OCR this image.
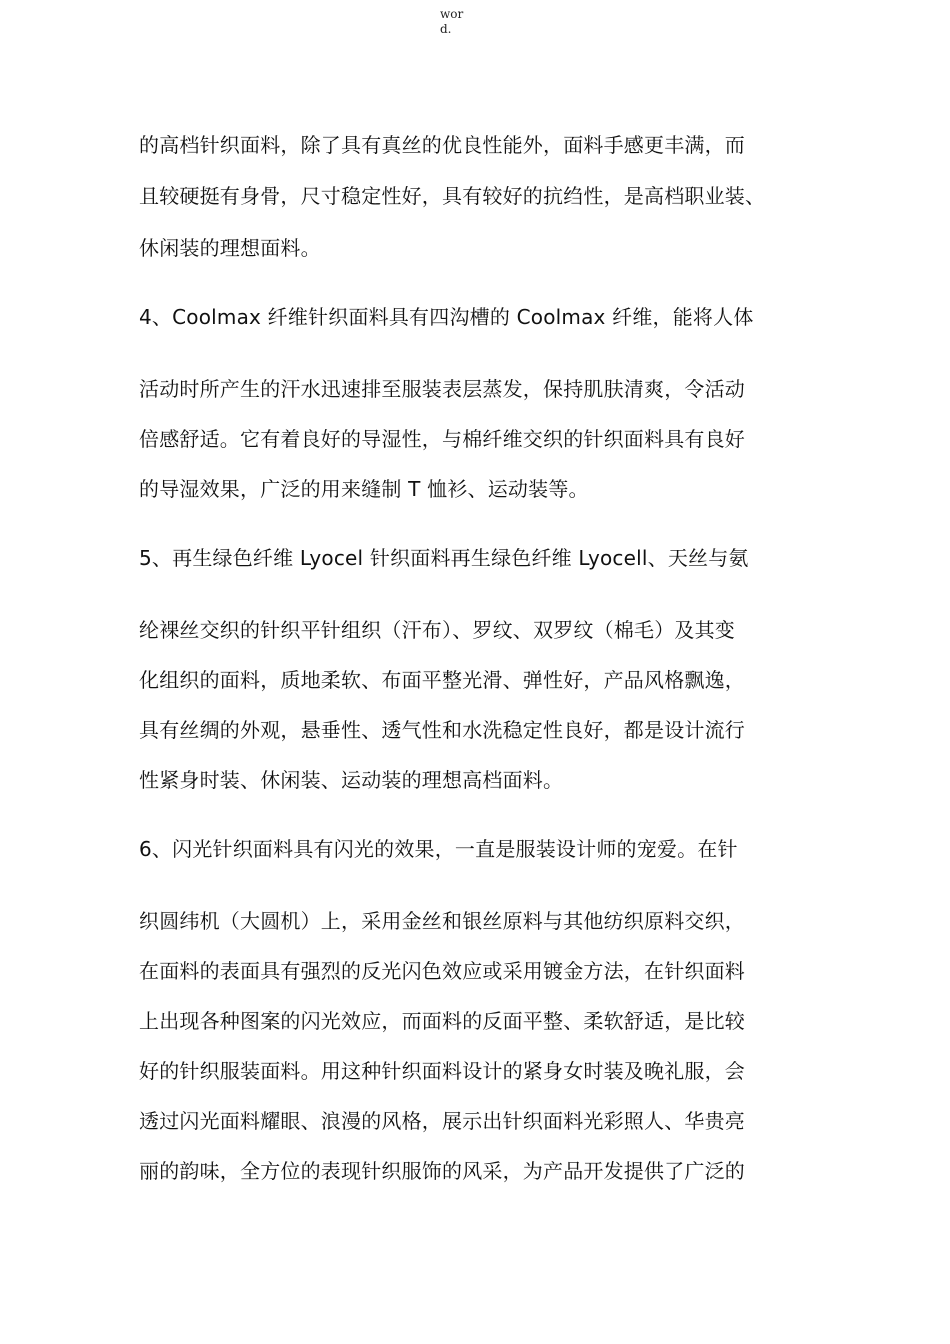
wor
d.
的高档针织面料，除了具有真丝的优良性能外，面料手感更丰满，而
且较硬挺有身骨，尺寸稳定性好，具有较好的抗绉性，是高档职业装、
休闲装的理想面料。
4、Coolmax 纤维针织面料具有四沟槽的 Coolmax 纤维，能将人体
活动时所产生的汗水迅速排至服装表层蒸发，保持肌肤清爽，令活动
倍感舒适。它有着良好的导湿性，与棉纤维交织的针织面料具有良好
的导湿效果，广泛的用来缝制 T 恤衫、运动装等。
5、再生绿色纤维 Lyocel 针织面料再生绿色纤维 Lyocell、天丝与氨
纶裸丝交织的针织平针组织（汗布）、罗纹、双罗纹（棉毛）及其变
化组织的面料，质地柔软、布面平整光滑、弹性好，产品风格飘逸，
具有丝绸的外观，悬垂性、透气性和水洗稳定性良好，都是设计流行
性紧身时装、休闲装、运动装的理想高档面料。
6、闪光针织面料具有闪光的效果，一直是服装设计师的宠爱。在针
织圆纬机（大圆机）上，采用金丝和银丝原料与其他纺织原料交织，
在面料的表面具有强烈的反光闪色效应或采用镀金方法，在针织面料
上出现各种图案的闪光效应，而面料的反面平整、柔软舒适，是比较
好的针织服装面料。用这种针织面料设计的紧身女时装及晚礼服，会
透过闪光面料耀眼、浪漫的风格，展示出针织面料光彩照人、华贵亮
丽的韵味，全方位的表现针织服饰的风采，为产品开发提供了广泛的
